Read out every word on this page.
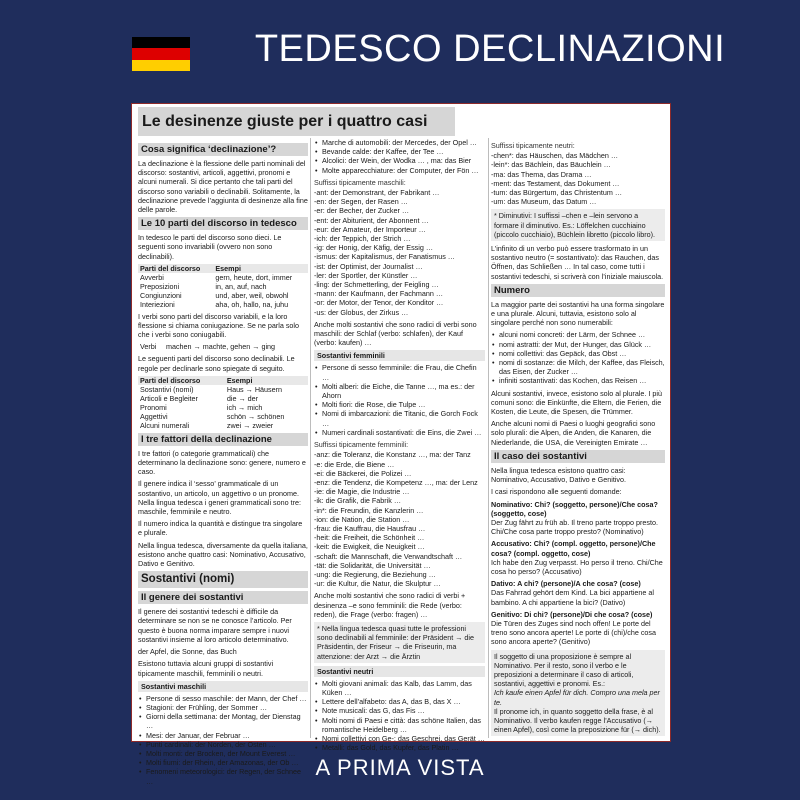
TEDESCO DECLINAZIONI
Le desinenze giuste per i quattro casi
Cosa significa ‘declinazione’?

La declinazione è la flessione delle parti nominali del discorso: sostantivi, articoli, aggettivi, pronomi e alcuni numerali. Si dice pertanto che tali parti del discorso sono variabili o declinabili. Solitamente, la declinazione prevede l’aggiunta di desinenze alla fine delle parole.

Le 10 parti del discorso in tedesco

In tedesco le parti del discorso sono dieci. Le seguenti sono invariabili (ovvero non sono declinabili).

Parti del discorso	Esempi
Avverbi	gern, heute, dort, immer
Preposizioni	in, an, auf, nach
Congiunzioni	und, aber, weil, obwohl
Interiezioni	aha, oh, hallo, na, juhu

I verbi sono parti del discorso variabili, e la loro flessione si chiama coniugazione. Se ne parla solo che i verbi sono coniugabili.

Verbi	machen → machte, gehen → ging

Le seguenti parti del discorso sono declinabili. Le regole per declinarle sono spiegate di seguito.

Parti del discorso	Esempi
Sostantivi (nomi)	Haus → Häusern
Articoli e Begleiter	die → der
Pronomi	ich → mich
Aggettivi	schön → schönen
Alcuni numerali	zwei → zweier
I tre fattori della declinazione

I tre fattori (o categorie grammaticali) che determinano la declinazione sono: genere, numero e caso.

Il genere indica il ‘sesso’ grammaticale di un sostantivo, un articolo, un aggettivo o un pronome. Nella lingua tedesca i generi grammaticali sono tre: maschile, femminile e neutro.

Il numero indica la quantità e distingue tra singolare e plurale.

Nella lingua tedesca, diversamente da quella italiana, esistono anche quattro casi: Nominativo, Accusativo, Dativo e Genitivo.

Sostantivi (nomi)
Il genere dei sostantivi

Il genere dei sostantivi tedeschi è difficile da determinare se non se ne conosce l’articolo. Per questo è buona norma imparare sempre i nuovi sostantivi insieme al loro articolo determinativo.

der Apfel, die Sonne, das Buch

Esistono tuttavia alcuni gruppi di sostantivi tipicamente maschili, femminili o neutri.

Sostantivi maschili
• Persone di sesso maschile: der Mann, der Chef …
• Stagioni: der Frühling, der Sommer …
• Giorni della settimana: der Montag, der Dienstag …
• Mesi: der Januar, der Februar …
• Punti cardinali: der Norden, der Osten …
• Molti monti: der Brocken, der Mount Everest …
• Molti fiumi: der Rhein, der Amazonas, der Ob …
• Fenomeni meteorologici: der Regen, der Schnee …
• Marche di automobili: der Mercedes, der Opel …
• Bevande calde: der Kaffee, der Tee …
• Alcolici: der Wein, der Wodka … , ma: das Bier
• Molte apparecchiature: der Computer, der Fön …
Suffissi tipicamente maschili:
-ant: der Demonstrant, der Fabrikant …
-en: der Segen, der Rasen …
-er: der Becher, der Zucker …
-ent: der Abiturient, der Abonnent …
-eur: der Amateur, der Importeur …
-ich: der Teppich, der Strich …
-ig: der Honig, der Käfig, der Essig …
-ismus: der Kapitalismus, der Fanatismus …
-ist: der Optimist, der Journalist …
-ler: der Sportler, der Künstler …
-ling: der Schmetterling, der Feigling …
-mann: der Kaufmann, der Fachmann …
-or: der Motor, der Tenor, der Konditor …
-us: der Globus, der Zirkus …

Anche molti sostantivi che sono radici di verbi sono maschili: der Schlaf (verbo: schlafen), der Kauf (verbo: kaufen) …

Sostantivi femminili
• Persone di sesso femminile: die Frau, die Chefin …
• Molti alberi: die Eiche, die Tanne …, ma es.: der Ahorn
• Molti fiori: die Rose, die Tulpe …
• Nomi di imbarcazioni: die Titanic, die Gorch Fock …
• Numeri cardinali sostantivati: die Eins, die Zwei …
Suffissi tipicamente femminili:
-anz: die Toleranz, die Konstanz …, ma: der Tanz
-e: die Erde, die Biene …
-ei: die Bäckerei, die Polizei …
-enz: die Tendenz, die Kompetenz …, ma: der Lenz
-ie: die Magie, die Industrie …
-ik: die Grafik, die Fabrik …
-in*: die Freundin, die Kanzlerin …
-ion: die Nation, die Station …
-frau: die Kauffrau, die Hausfrau …
-heit: die Freiheit, die Schönheit …
-keit: die Ewigkeit, die Neuigkeit …
-schaft: die Mannschaft, die Verwandtschaft …
-tät: die Solidarität, die Universität …
-ung: die Regierung, die Beziehung …
-ur: die Kultur, die Natur, die Skulptur …

Anche molti sostantivi che sono radici di verbi + desinenza –e sono femminili: die Rede (verbo: reden), die Frage (verbo: fragen) …

* Nella lingua tedesca quasi tutte le professioni sono declinabili al femminile: der Präsident → die Präsidentin, der Friseur → die Friseurin, ma attenzione: der Arzt → die Ärztin
Sostantivi neutri
• Molti giovani animali: das Kalb, das Lamm, das Küken …
• Lettere dell’alfabeto: das A, das B, das X …
• Note musicali: das G, das Fis …
• Molti nomi di Paesi e città: das schöne Italien, das romantische Heidelberg …
• Nomi collettivi con Ge-: das Geschrei, das Gerät …
• Metalli: das Gold, das Kupfer, das Platin …
Suffissi tipicamente neutri:
-chen*: das Häuschen, das Mädchen …
-lein*: das Bächlein, das Bäuchlein …
-ma: das Thema, das Drama …
-ment: das Testament, das Dokument …
-tum: das Bürgertum, das Christentum …
-um: das Museum, das Datum …
* Diminutivi: I suffissi –chen e –lein servono a formare il diminutivo. Es.: Löffelchen cucchiaino (piccolo cucchiaio), Büchlein libretto (piccolo libro).

L’infinito di un verbo può essere trasformato in un sostantivo neutro (= sostantivato): das Rauchen, das Öffnen, das Schließen … In tal caso, come tutti i sostantivi tedeschi, si scriverà con l’iniziale maiuscola.

Numero

La maggior parte dei sostantivi ha una forma singolare e una plurale. Alcuni, tuttavia, esistono solo al singolare perché non sono numerabili:

• alcuni nomi concreti: der Lärm, der Schnee …
• nomi astratti: der Mut, der Hunger, das Glück …
• nomi collettivi: das Gepäck, das Obst …
• nomi di sostanze: die Milch, der Kaffee, das Fleisch, das Eisen, der Zucker …
• infiniti sostantivati: das Kochen, das Reisen …

Alcuni sostantivi, invece, esistono solo al plurale. I più comuni sono: die Einkünfte, die Eltern, die Ferien, die Kosten, die Leute, die Spesen, die Trümmer.

Anche alcuni nomi di Paesi o luoghi geografici sono solo plurali: die Alpen, die Anden, die Kanaren, die Niederlande, die USA, die Vereinigten Emirate …

Il caso dei sostantivi

Nella lingua tedesca esistono quattro casi: Nominativo, Accusativo, Dativo e Genitivo.

I casi rispondono alle seguenti domande:

Nominativo: Chi? (soggetto, persone)/Che cosa? (soggetto, cose)

Der Zug fährt zu früh ab. Il treno parte troppo presto. Chi/Che cosa parte troppo presto? (Nominativo)

Accusativo: Chi? (compl. oggetto, persone)/Che cosa? (compl. oggetto, cose)

Ich habe den Zug verpasst. Ho perso il treno. Chi/Che cosa ho perso? (Accusativo)

Dativo: A chi? (persone)/A che cosa? (cose)

Das Fahrrad gehört dem Kind. La bici appartiene al bambino. A chi appartiene la bici? (Dativo)

Genitivo: Di chi? (persone)/Di che cosa? (cose)

Die Türen des Zuges sind noch offen! Le porte del treno sono ancora aperte! Le porte di (chi)/che cosa sono ancora aperte? (Genitivo)

Il soggetto di una proposizione è sempre al Nominativo. Per il resto, sono il verbo e le preposizioni a determinare il caso di articoli, sostantivi, aggettivi e pronomi. Es.:
Ich kaufe einen Apfel für dich. Compro una mela per te.
Il pronome ich, in quanto soggetto della frase, è al Nominativo. Il verbo kaufen regge l’Accusativo (→ einen Apfel), così come la preposizione für (→ dich).
A PRIMA VISTA
